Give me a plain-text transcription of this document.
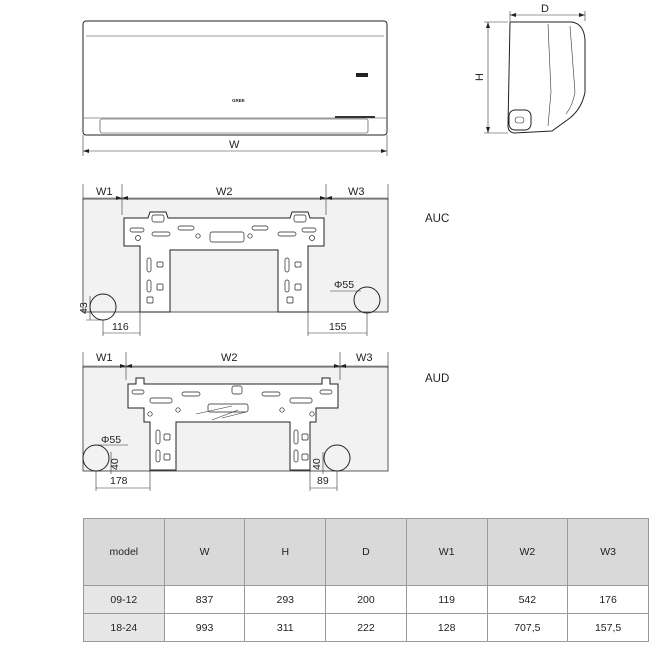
GREE
W
D
H
W1	W2	W3
Φ55
43
116	155
AUC
W1	W2	W3
Φ55
40	40
178	89
AUD
model	W	H	D	W1	W2	W3
09-12	837	293	200	119	542	176
18-24	993	311	222	128	707,5	157,5
